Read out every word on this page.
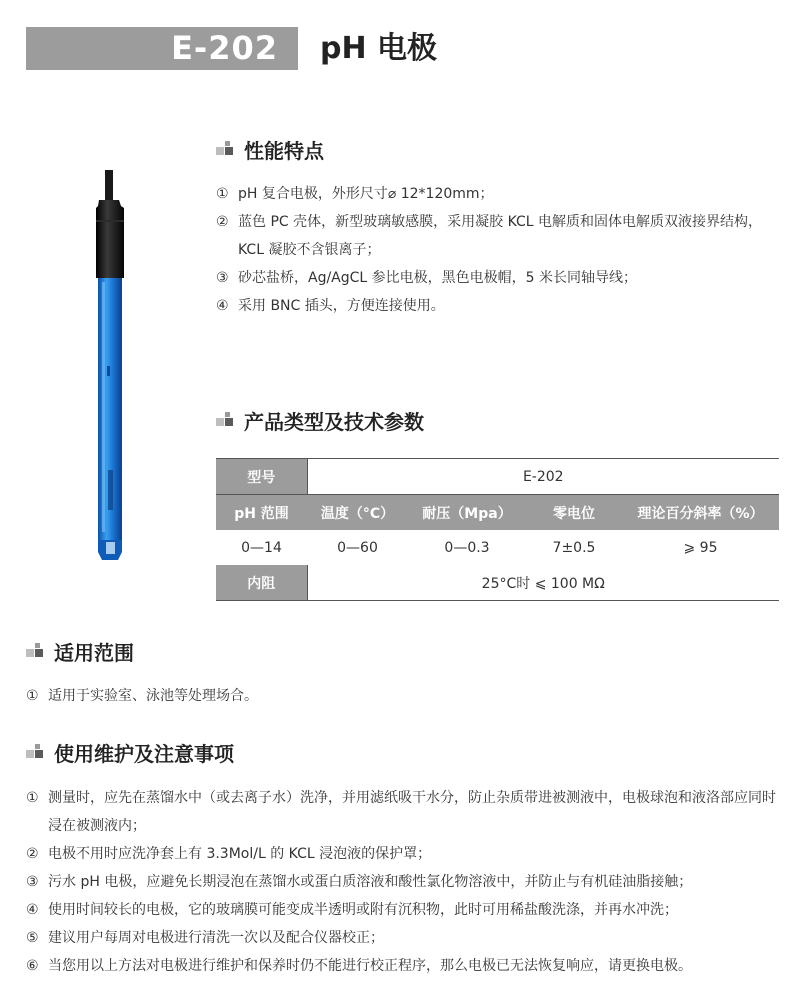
E-202	pH 电极
性能特点
① pH 复合电极，外形尺寸⌀ 12*120mm；
② 蓝色 PC 壳体，新型玻璃敏感膜，采用凝胶 KCL 电解质和固体电解质双液接界结构，KCL 凝胶不含银离子；
③ 砂芯盐桥，Ag/AgCL 参比电极，黑色电极帽，5 米长同轴导线；
④ 采用 BNC 插头，方便连接使用。
产品类型及技术参数
型号	E-202			
pH 范围	温度（°C）	耐压（Mpa）	零电位	理论百分斜率（%）
0—14	0—60	0—0.3	7±0.5	⩾ 95
内阻	25°C时 ⩽ 100 MΩ			
适用范围
① 适用于实验室、泳池等处理场合。
使用维护及注意事项
① 测量时，应先在蒸馏水中（或去离子水）洗净，并用滤纸吸干水分，防止杂质带进被测液中，电极球泡和液洛部应同时浸在被测液内；
② 电极不用时应洗净套上有 3.3Mol/L 的 KCL 浸泡液的保护罩；
③ 污水 pH 电极，应避免长期浸泡在蒸馏水或蛋白质溶液和酸性氯化物溶液中，并防止与有机硅油脂接触；
④ 使用时间较长的电极，它的玻璃膜可能变成半透明或附有沉积物，此时可用稀盐酸洗涤，并再水冲洗；
⑤ 建议用户每周对电极进行清洗一次以及配合仪器校正；
⑥ 当您用以上方法对电极进行维护和保养时仍不能进行校正程序，那么电极已无法恢复响应，请更换电极。
